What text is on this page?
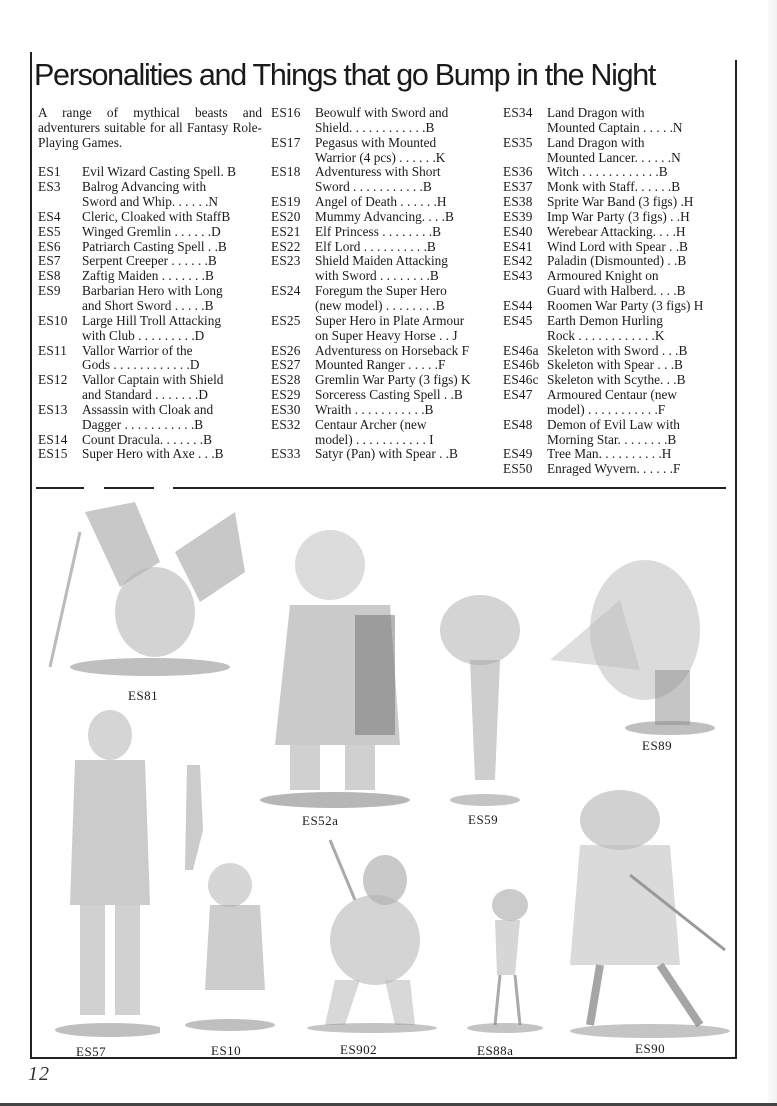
Personalities and Things that go Bump in the Night
A range of mythical beasts and adventurers suitable for all Fantasy Role-Playing Games.
ES1	Evil Wizard Casting Spell. B
ES3	Balrog Advancing with
Sword and Whip. . . . . .N
ES4	Cleric, Cloaked with StaffB
ES5	Winged Gremlin . . . . . .D
ES6	Patriarch Casting Spell . .B
ES7	Serpent Creeper . . . . . .B
ES8	Zaftig Maiden . . . . . . .B
ES9	Barbarian Hero with Long
and Short Sword . . . . .B
ES10	Large Hill Troll Attacking
with Club . . . . . . . . .D
ES11	Vallor Warrior of the
Gods . . . . . . . . . . . .D
ES12	Vallor Captain with Shield
and Standard . . . . . . .D
ES13	Assassin with Cloak and
Dagger . . . . . . . . . . .B
ES14	Count Dracula. . . . . . .B
ES15	Super Hero with Axe . . .B
ES16	Beowulf with Sword and
Shield. . . . . . . . . . . .B
ES17	Pegasus with Mounted
Warrior (4 pcs) . . . . . .K
ES18	Adventuress with Short
Sword . . . . . . . . . . .B
ES19	Angel of Death . . . . . .H
ES20	Mummy Advancing. . . .B
ES21	Elf Princess . . . . . . . .B
ES22	Elf Lord . . . . . . . . . .B
ES23	Shield Maiden Attacking
with Sword . . . . . . . .B
ES24	Foregum the Super Hero
(new model) . . . . . . . .B
ES25	Super Hero in Plate Armour
on Super Heavy Horse . . J
ES26	Adventuress on Horseback F
ES27	Mounted Ranger . . . . .F
ES28	Gremlin War Party (3 figs) K
ES29	Sorceress Casting Spell . .B
ES30	Wraith . . . . . . . . . . .B
ES32	Centaur Archer (new
model) . . . . . . . . . . . I
ES33	Satyr (Pan) with Spear . .B
ES34	Land Dragon with
Mounted Captain . . . . .N
ES35	Land Dragon with
Mounted Lancer. . . . . .N
ES36	Witch . . . . . . . . . . . .B
ES37	Monk with Staff. . . . . .B
ES38	Sprite War Band (3 figs) .H
ES39	Imp War Party (3 figs) . .H
ES40	Werebear Attacking. . . .H
ES41	Wind Lord with Spear . .B
ES42	Paladin (Dismounted) . .B
ES43	Armoured Knight on
Guard with Halberd. . . .B
ES44	Roomen War Party (3 figs) H
ES45	Earth Demon Hurling
Rock . . . . . . . . . . . .K
ES46a Skeleton with Sword . . .B
ES46b Skeleton with Spear . . .B
ES46c Skeleton with Scythe. . .B
ES47	Armoured Centaur (new
model) . . . . . . . . . . .F
ES48	Demon of Evil Law with
Morning Star. . . . . . . .B
ES49	Tree Man. . . . . . . . . .H
ES50	Enraged Wyvern. . . . . .F
ES81
ES52a	ES59
ES89
ES57	ES10	ES902	ES88a	ES90
12
